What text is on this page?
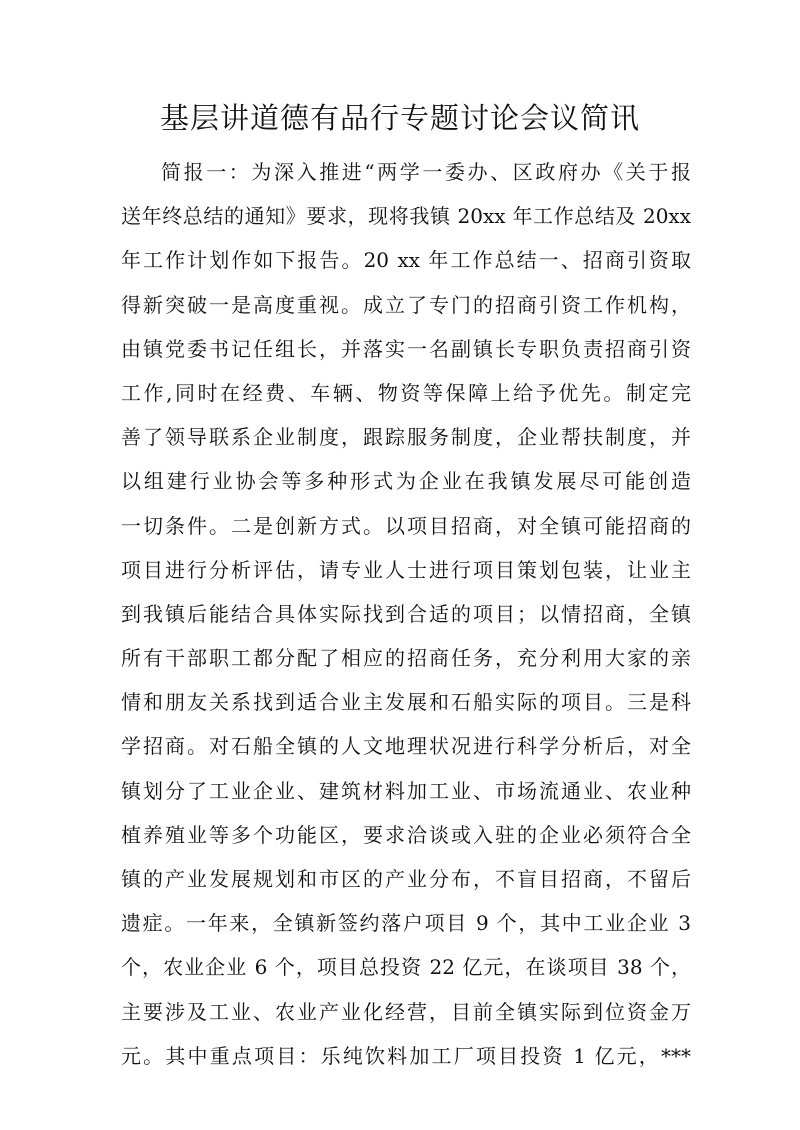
基层讲道德有品行专题讨论会议简讯
简报一：为深入推进“两学一委办、区政府办《关于报
送年终总结的通知》要求，现将我镇 20xx 年工作总结及 20xx
年工作计划作如下报告。20 xx 年工作总结一、招商引资取
得新突破一是高度重视。成立了专门的招商引资工作机构，
由镇党委书记任组长，并落实一名副镇长专职负责招商引资
工作,同时在经费、车辆、物资等保障上给予优先。制定完
善了领导联系企业制度，跟踪服务制度，企业帮扶制度，并
以组建行业协会等多种形式为企业在我镇发展尽可能创造
一切条件。二是创新方式。以项目招商，对全镇可能招商的
项目进行分析评估，请专业人士进行项目策划包装，让业主
到我镇后能结合具体实际找到合适的项目；以情招商，全镇
所有干部职工都分配了相应的招商任务，充分利用大家的亲
情和朋友关系找到适合业主发展和石船实际的项目。三是科
学招商。对石船全镇的人文地理状况进行科学分析后，对全
镇划分了工业企业、建筑材料加工业、市场流通业、农业种
植养殖业等多个功能区，要求洽谈或入驻的企业必须符合全
镇的产业发展规划和市区的产业分布，不盲目招商，不留后
遗症。一年来，全镇新签约落户项目 9 个，其中工业企业 3
个，农业企业 6 个，项目总投资 22 亿元，在谈项目 38 个，
主要涉及工业、农业产业化经营，目前全镇实际到位资金万
元。其中重点项目：乐纯饮料加工厂项目投资 1 亿元，***
